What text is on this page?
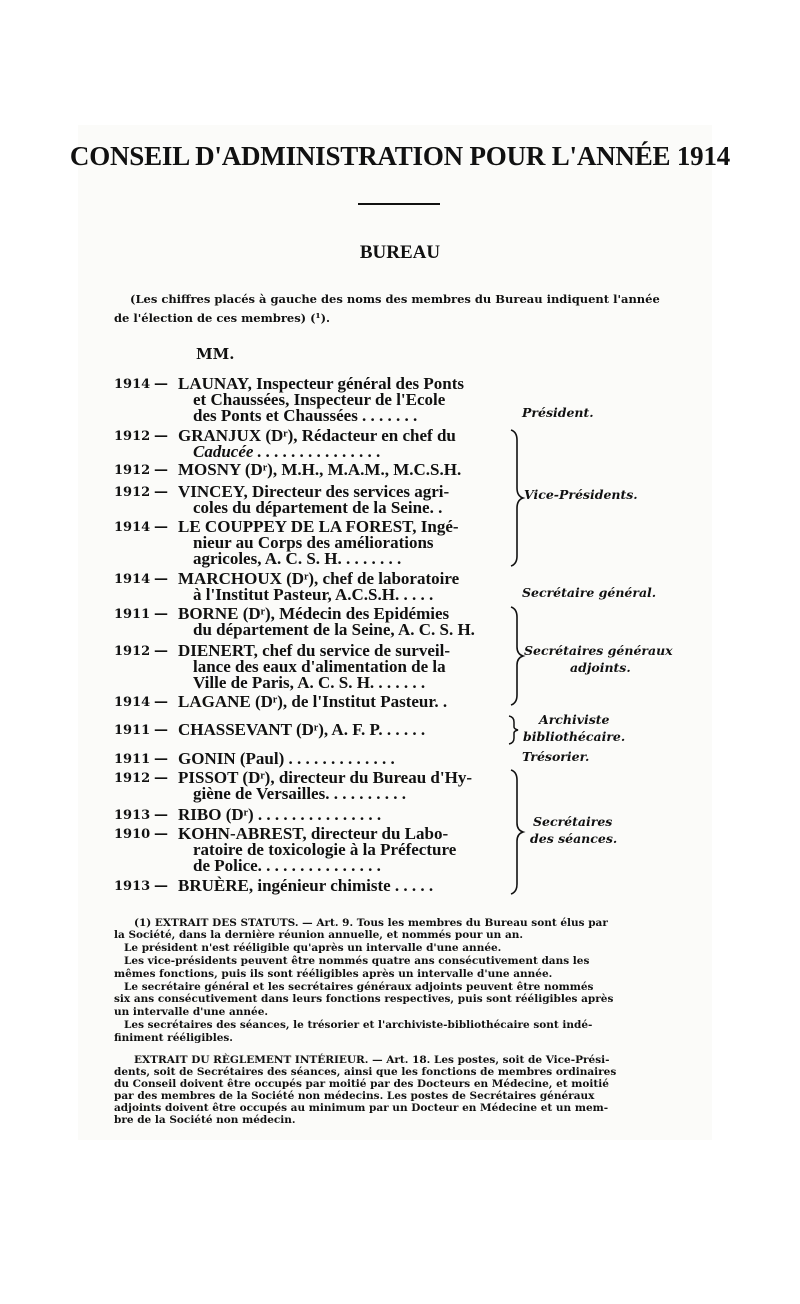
CONSEIL D'ADMINISTRATION POUR L'ANNÉE 1914
BUREAU
(Les chiffres placés à gauche des noms des membres du Bureau indiquent l'année
de l'élection de ces membres) (¹).
MM.
1914 — LAUNAY, Inspecteur général des Ponts
et Chaussées, Inspecteur de l'Ecole
des Ponts et Chaussées . . . . . . .
1912 — GRANJUX (Dʳ), Rédacteur en chef du
Caducée . . . . . . . . . . . . . . .
1912 — MOSNY (Dʳ), M.H., M.A.M., M.C.S.H.
1912 — VINCEY, Directeur des services agri-
coles du département de la Seine. .
1914 — LE COUPPEY DE LA FOREST, Ingé-
nieur au Corps des améliorations
agricoles, A. C. S. H. . . . . . . .
1914 — MARCHOUX (Dʳ), chef de laboratoire
à l'Institut Pasteur, A.C.S.H. . . . .
1911 — BORNE (Dʳ), Médecin des Epidémies
du département de la Seine, A. C. S. H.
1912 — DIENERT, chef du service de surveil-
lance des eaux d'alimentation de la
Ville de Paris, A. C. S. H. . . . . . .
1914 — LAGANE (Dʳ), de l'Institut Pasteur. .
1911 — CHASSEVANT (Dʳ), A. F. P. . . . . .
1911 — GONIN (Paul) . . . . . . . . . . . . .
1912 — PISSOT (Dʳ), directeur du Bureau d'Hy-
giène de Versailles. . . . . . . . . .
1913 — RIBO (Dʳ) . . . . . . . . . . . . . . .
1910 — KOHN-ABREST, directeur du Labo-
ratoire de toxicologie à la Préfecture
de Police. . . . . . . . . . . . . . .
1913 — BRUÈRE, ingénieur chimiste . . . . .
Président.
Vice-Présidents.
Secrétaire général.
Secrétaires généraux
adjoints.
Archiviste
bibliothécaire.
Trésorier.
Secrétaires
des séances.
(1) EXTRAIT DES STATUTS. — Art. 9. Tous les membres du Bureau sont élus par
la Société, dans la dernière réunion annuelle, et nommés pour un an.
Le président n'est rééligible qu'après un intervalle d'une année.
Les vice-présidents peuvent être nommés quatre ans consécutivement dans les
mêmes fonctions, puis ils sont rééligibles après un intervalle d'une année.
Le secrétaire général et les secrétaires généraux adjoints peuvent être nommés
six ans consécutivement dans leurs fonctions respectives, puis sont rééligibles après
un intervalle d'une année.
Les secrétaires des séances, le trésorier et l'archiviste-bibliothécaire sont indé-
finiment rééligibles.
EXTRAIT DU RÈGLEMENT INTÉRIEUR. — Art. 18. Les postes, soit de Vice-Prési-
dents, soit de Secrétaires des séances, ainsi que les fonctions de membres ordinaires
du Conseil doivent être occupés par moitié par des Docteurs en Médecine, et moitié
par des membres de la Société non médecins. Les postes de Secrétaires généraux
adjoints doivent être occupés au minimum par un Docteur en Médecine et un mem-
bre de la Société non médecin.
